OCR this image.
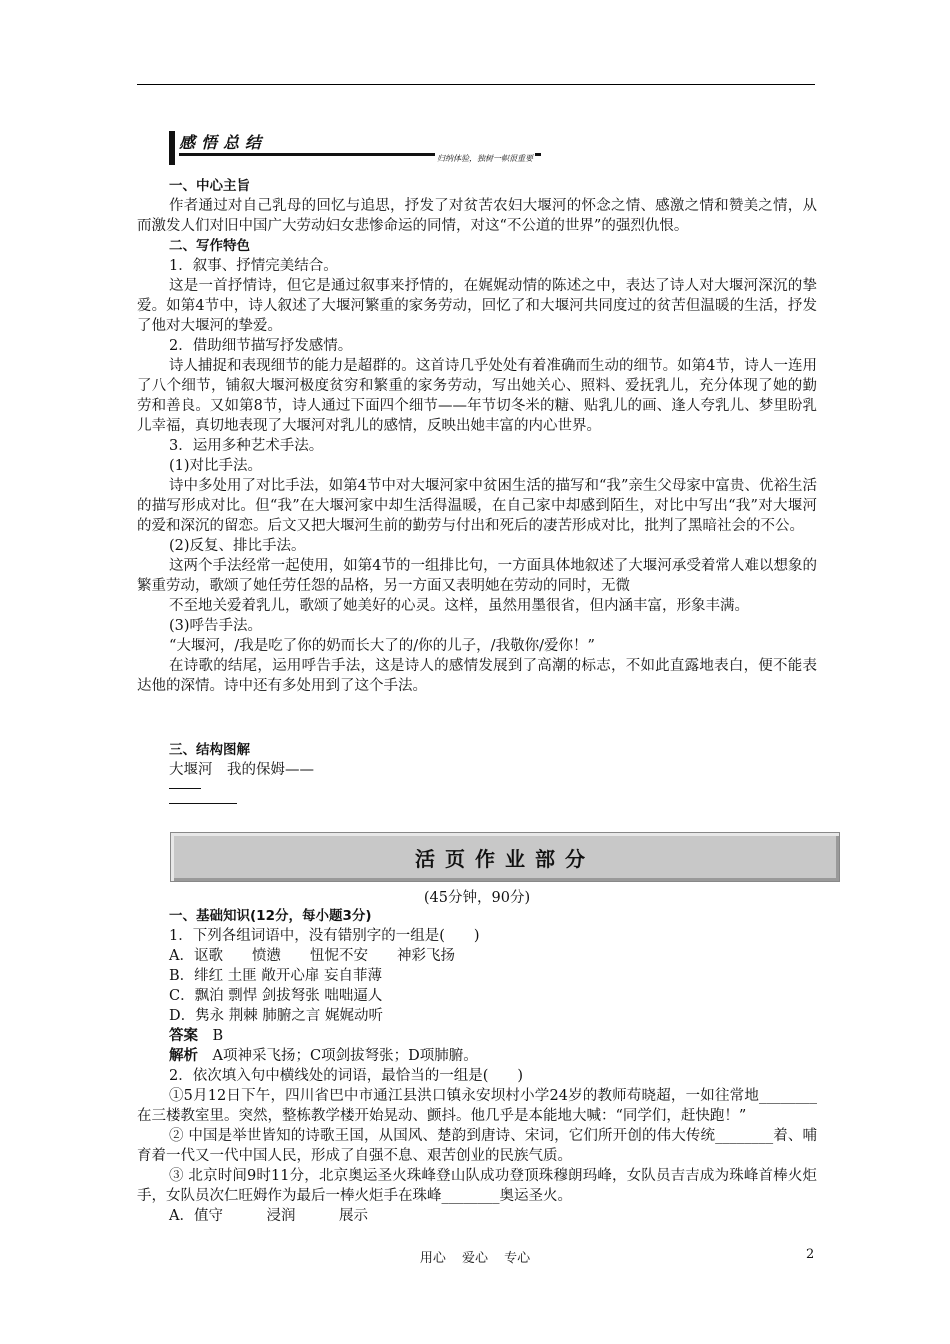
感悟总结
归纳体验，独树一帜很重要

一、中心主旨

作者通过对自己乳母的回忆与追思，抒发了对贫苦农妇大堰河的怀念之情、感激之情和赞美之情，从而激发人们对旧中国广大劳动妇女悲惨命运的同情，对这“不公道的世界”的强烈仇恨。

二、写作特色

1．叙事、抒情完美结合。

这是一首抒情诗，但它是通过叙事来抒情的，在娓娓动情的陈述之中，表达了诗人对大堰河深沉的挚爱。如第4节中，诗人叙述了大堰河繁重的家务劳动，回忆了和大堰河共同度过的贫苦但温暖的生活，抒发了他对大堰河的挚爱。

2．借助细节描写抒发感情。

诗人捕捉和表现细节的能力是超群的。这首诗几乎处处有着准确而生动的细节。如第4节，诗人一连用了八个细节，铺叙大堰河极度贫穷和繁重的家务劳动，写出她关心、照料、爱抚乳儿，充分体现了她的勤劳和善良。又如第8节，诗人通过下面四个细节——年节切冬米的糖、贴乳儿的画、逢人夸乳儿、梦里盼乳儿幸福，真切地表现了大堰河对乳儿的感情，反映出她丰富的内心世界。

3．运用多种艺术手法。

(1)对比手法。

诗中多处用了对比手法，如第4节中对大堰河家中贫困生活的描写和“我”亲生父母家中富贵、优裕生活的描写形成对比。但“我”在大堰河家中却生活得温暖，在自己家中却感到陌生，对比中写出“我”对大堰河的爱和深沉的留恋。后文又把大堰河生前的勤劳与付出和死后的凄苦形成对比，批判了黑暗社会的不公。

(2)反复、排比手法。

这两个手法经常一起使用，如第4节的一组排比句，一方面具体地叙述了大堰河承受着常人难以想象的繁重劳动，歌颂了她任劳任怨的品格，另一方面又表明她在劳动的同时，无微

不至地关爱着乳儿，歌颂了她美好的心灵。这样，虽然用墨很省，但内涵丰富，形象丰满。

(3)呼告手法。

“大堰河，/我是吃了你的奶而长大了的/你的儿子，/我敬你/爱你！”

在诗歌的结尾，运用呼告手法，这是诗人的感情发展到了高潮的标志，不如此直露地表白，便不能表达他的深情。诗中还有多处用到了这个手法。

三、结构图解

大堰河　我的保姆——

活页作业部分
(45分钟，90分)

一、基础知识(12分，每小题3分)

1．下列各组词语中，没有错别字的一组是(　　)

A．讴歌　　愤懑　　忸怩不安　　神彩飞扬

B．绯红 土匪 敞开心扉 妄自菲薄

C．飘泊 剽悍 剑拔弩张 咄咄逼人

D．隽永 荆棘 肺腑之言 娓娓动听

答案　 B

解析　 A项神采飞扬；C项剑拔弩张；D项肺腑。

2．依次填入句中横线处的词语，最恰当的一组是(　　)

①5月12日下午，四川省巴中市通江县洪口镇永安坝村小学24岁的教师苟晓超，一如往常地________在三楼教室里。突然，整栋教学楼开始晃动、颤抖。他几乎是本能地大喊：“同学们，赶快跑！”

② 中国是举世皆知的诗歌王国，从国风、楚韵到唐诗、宋词，它们所开创的伟大传统________着、哺育着一代又一代中国人民，形成了自强不息、艰苦创业的民族气质。

③ 北京时间9时11分，北京奥运圣火珠峰登山队成功登顶珠穆朗玛峰，女队员吉吉成为珠峰首棒火炬手，女队员次仁旺姆作为最后一棒火炬手在珠峰________奥运圣火。

A．值守　　　浸润　　　展示

用心 爱心 专心	2
